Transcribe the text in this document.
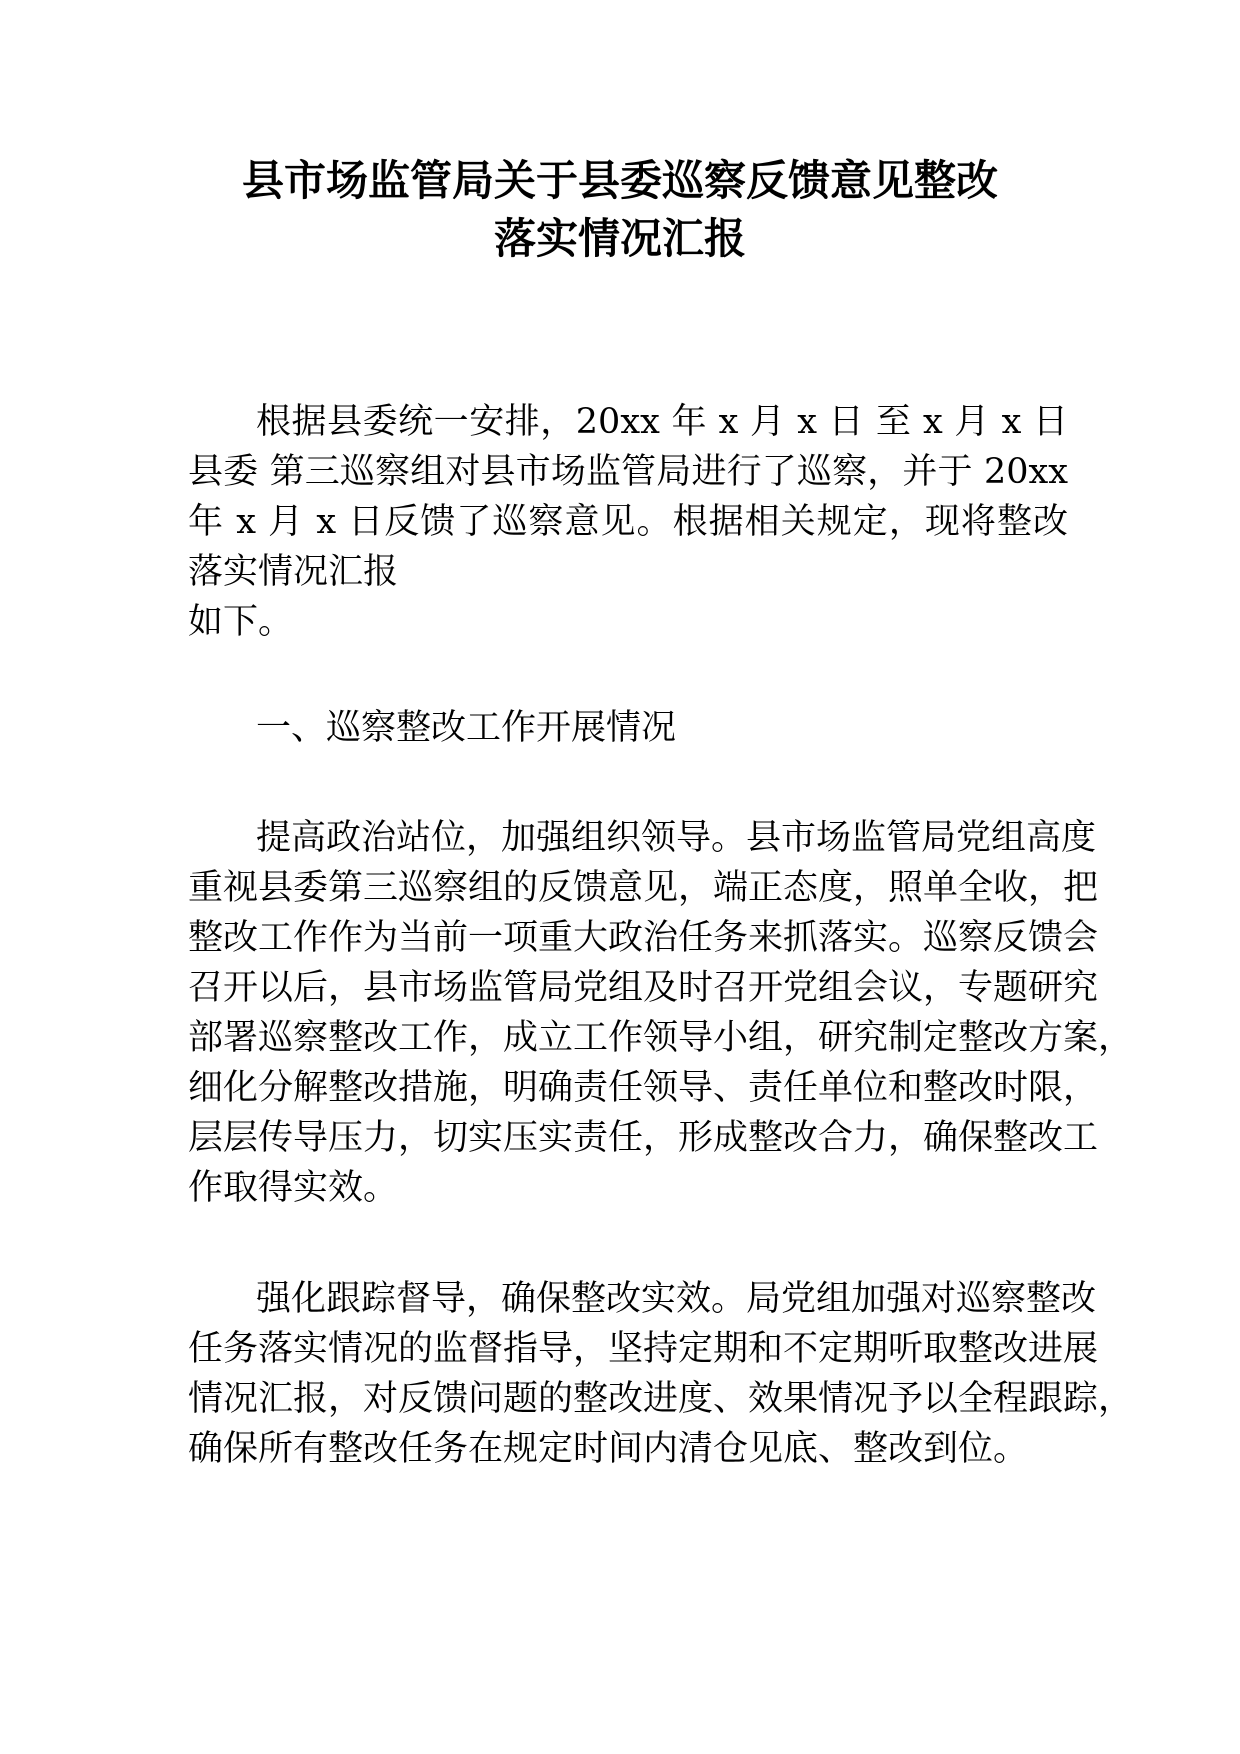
县市场监管局关于县委巡察反馈意见整改
落实情况汇报
根据县委统一安排，20xx 年 x 月 x 日 至 x 月 x 日
县委 第三巡察组对县市场监管局进行了巡察，并于 20xx
年 x 月 x 日反馈了巡察意见。根据相关规定，现将整改
落实情况汇报
如下。
一、巡察整改工作开展情况
提高政治站位，加强组织领导。县市场监管局党组高度
重视县委第三巡察组的反馈意见，端正态度，照单全收，把
整改工作作为当前一项重大政治任务来抓落实。巡察反馈会
召开以后，县市场监管局党组及时召开党组会议，专题研究
部署巡察整改工作，成立工作领导小组，研究制定整改方案，
细化分解整改措施，明确责任领导、责任单位和整改时限，
层层传导压力，切实压实责任，形成整改合力，确保整改工
作取得实效。
强化跟踪督导，确保整改实效。局党组加强对巡察整改
任务落实情况的监督指导，坚持定期和不定期听取整改进展
情况汇报，对反馈问题的整改进度、效果情况予以全程跟踪，
确保所有整改任务在规定时间内清仓见底、整改到位。
